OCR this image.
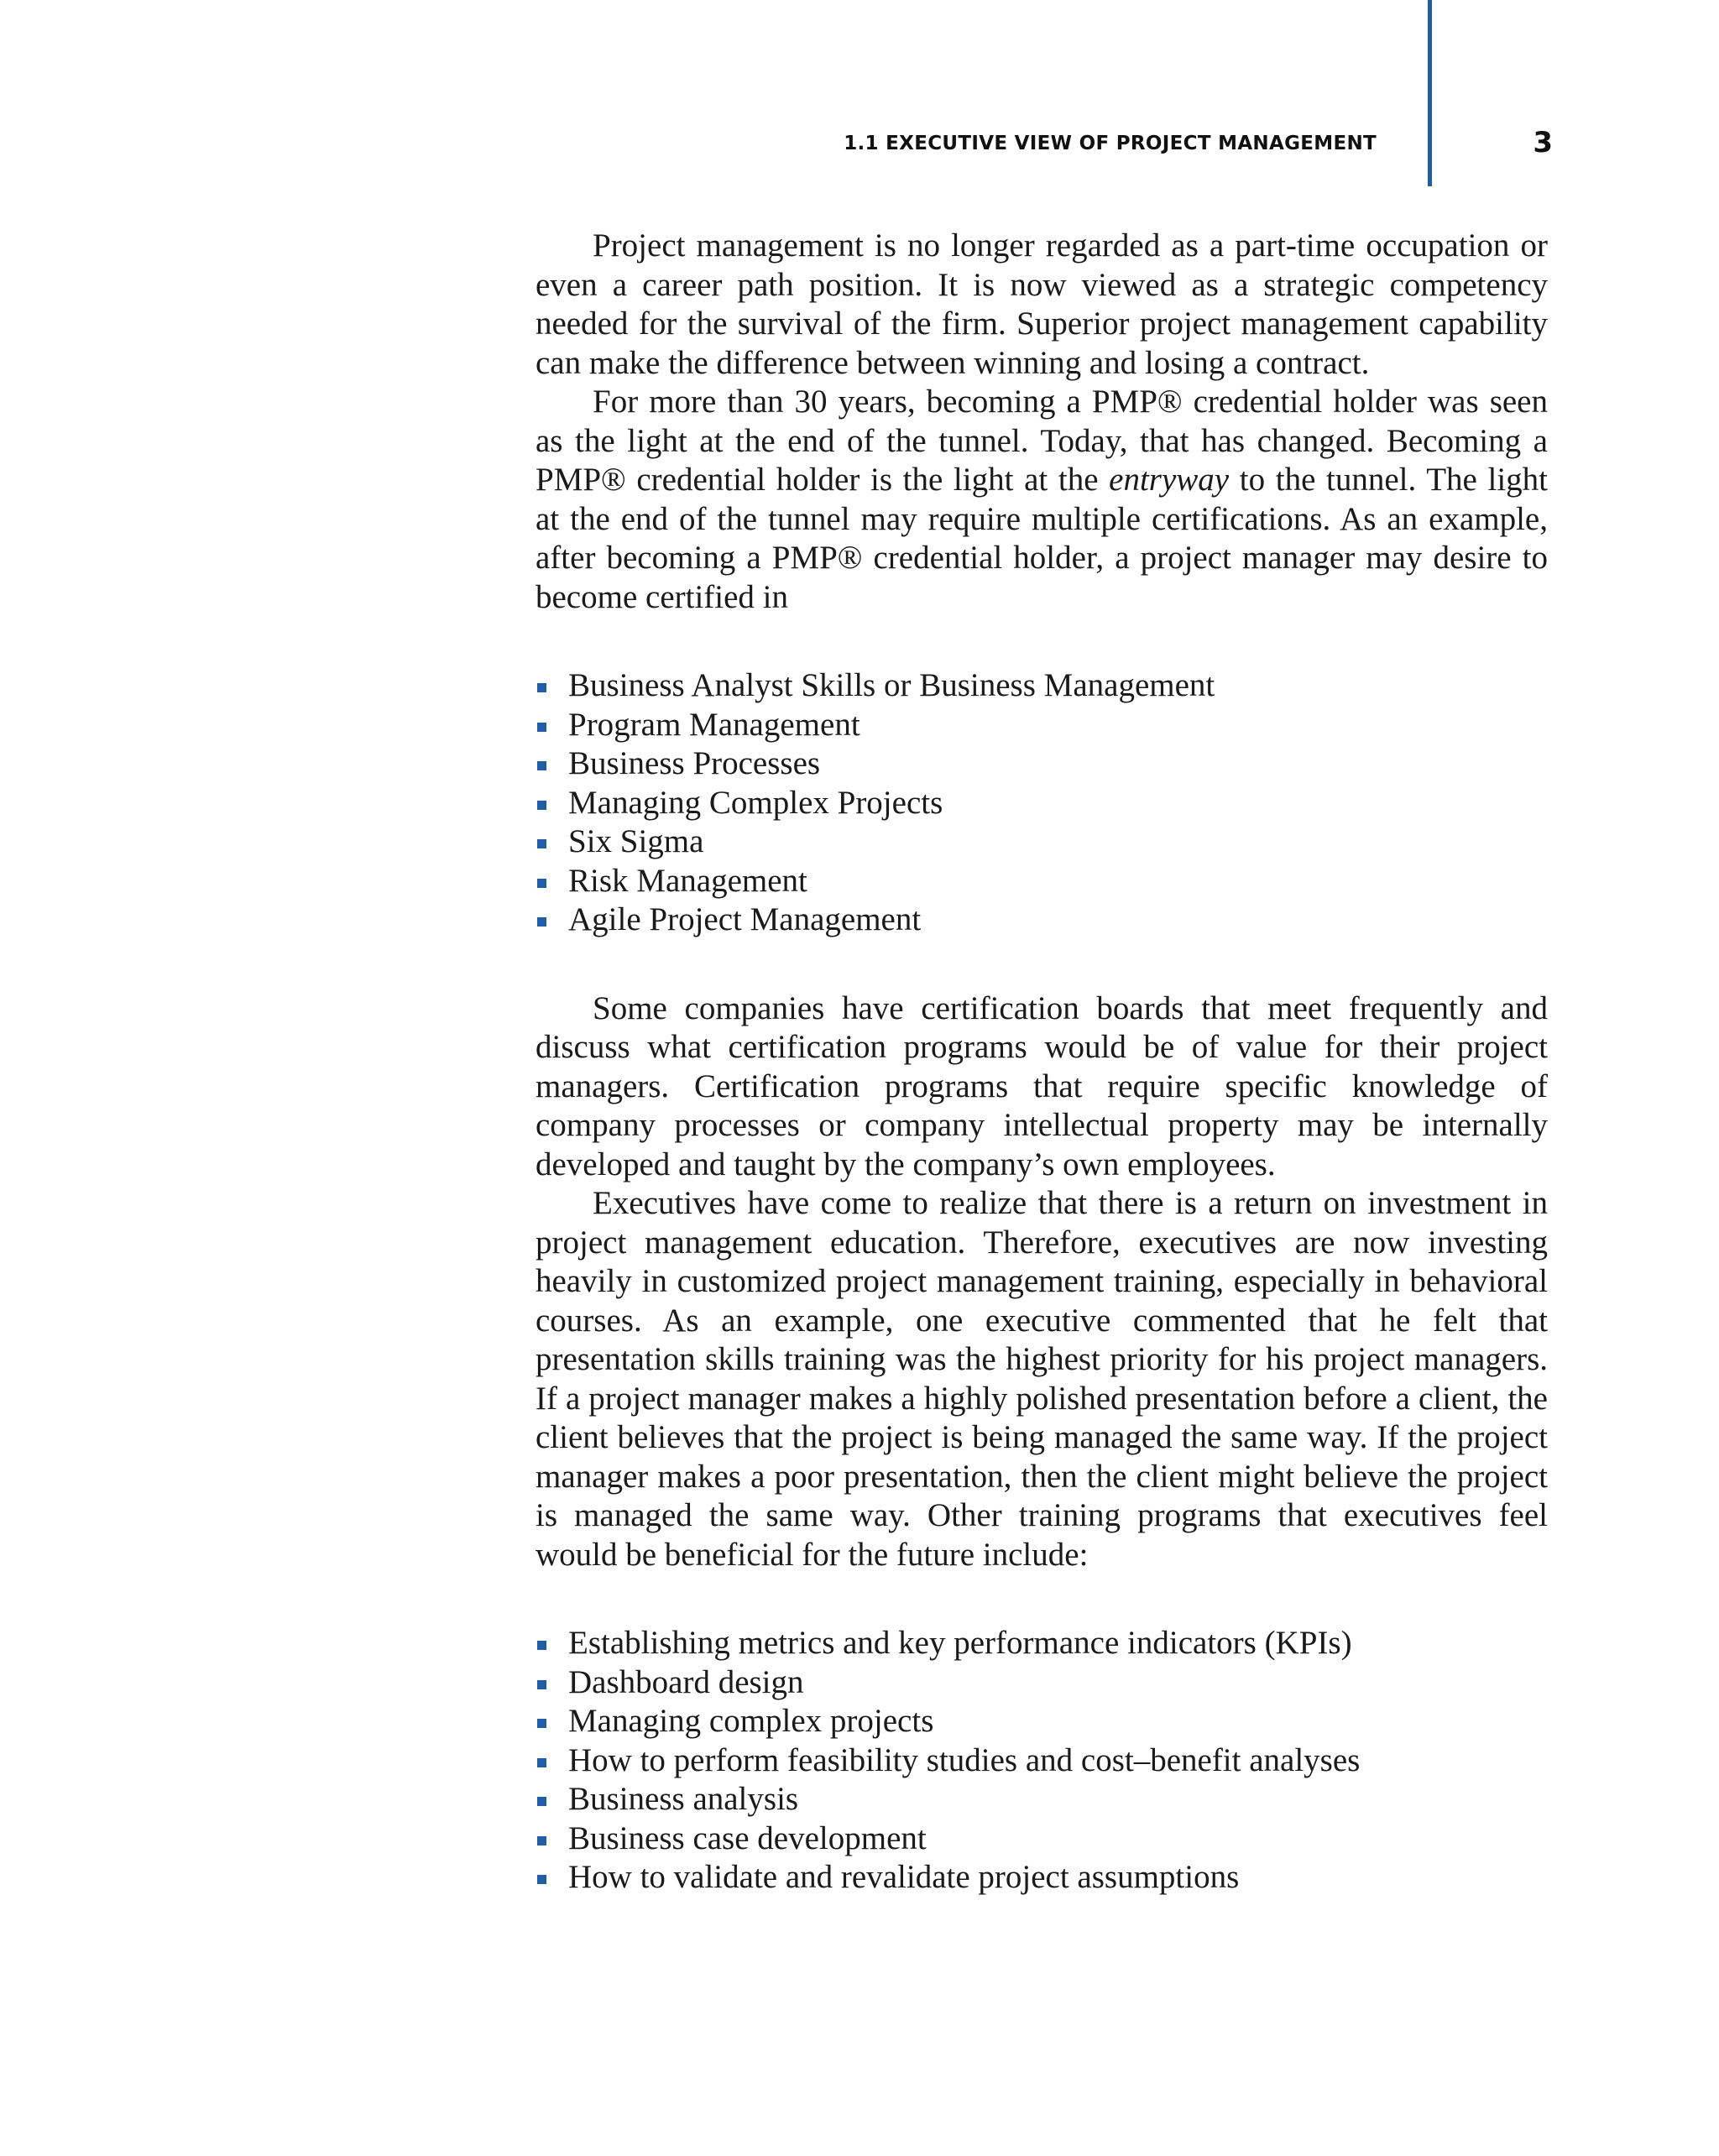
1.1 EXECUTIVE VIEW OF PROJECT MANAGEMENT	3

Project management is no longer regarded as a part-time occupation or even a career path position. It is now viewed as a strategic competency needed for the survival of the firm. Superior project management capability can make the difference between winning and losing a contract.

For more than 30 years, becoming a PMP® credential holder was seen as the light at the end of the tunnel. Today, that has changed. Becoming a PMP® credential holder is the light at the entryway to the tunnel. The light at the end of the tunnel may require multiple certifications. As an example, after becoming a PMP® credential holder, a project manager may desire to become certified in

Business Analyst Skills or Business Management
Program Management
Business Processes
Managing Complex Projects
Six Sigma
Risk Management
Agile Project Management

Some companies have certification boards that meet frequently and discuss what certification programs would be of value for their project managers. Certification programs that require specific knowledge of company processes or company intellectual property may be internally developed and taught by the company’s own employees.

Executives have come to realize that there is a return on investment in project management education. Therefore, executives are now investing heavily in customized project management training, especially in behavioral courses. As an example, one executive commented that he felt that presentation skills training was the highest priority for his project managers. If a project manager makes a highly polished presentation before a client, the client believes that the project is being managed the same way. If the project manager makes a poor presentation, then the client might believe the project is managed the same way. Other training programs that executives feel would be beneficial for the future include:

Establishing metrics and key performance indicators (KPIs)
Dashboard design
Managing complex projects
How to perform feasibility studies and cost–benefit analyses
Business analysis
Business case development
How to validate and revalidate project assumptions
